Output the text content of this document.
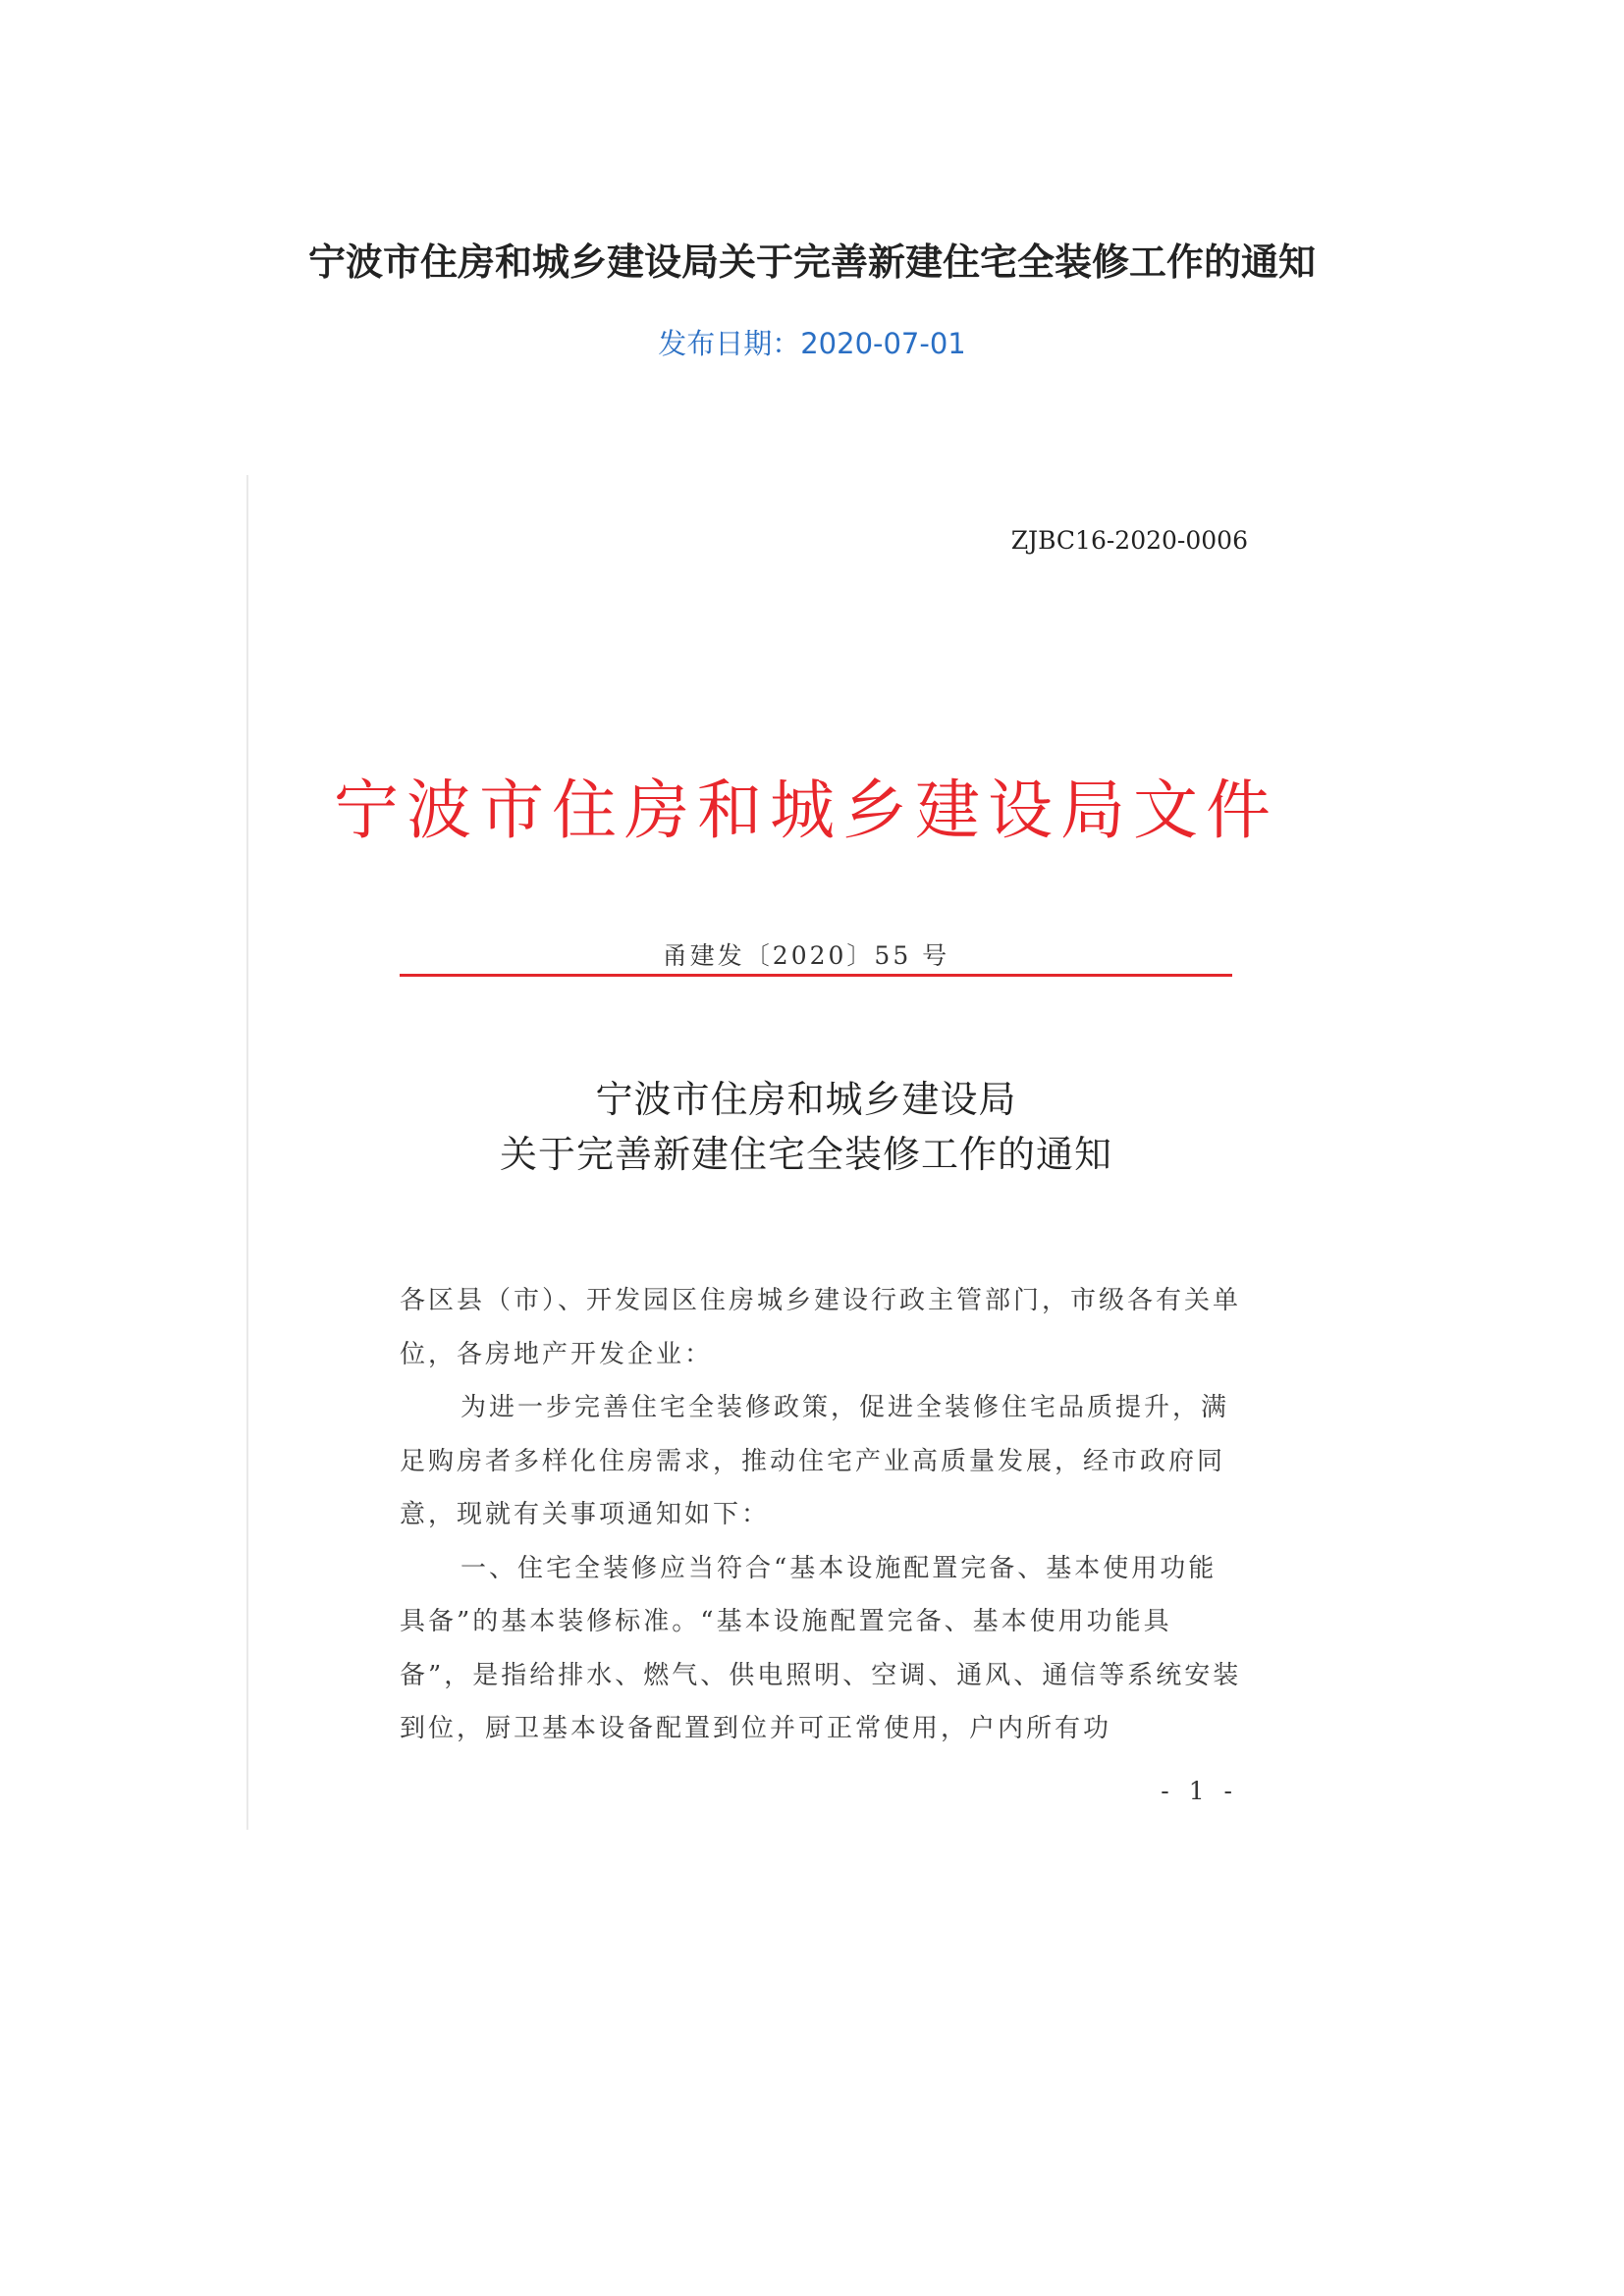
宁波市住房和城乡建设局关于完善新建住宅全装修工作的通知
发布日期：2020-07-01
ZJBC16-2020-0006
宁波市住房和城乡建设局文件
甬建发〔2020〕55 号
宁波市住房和城乡建设局
关于完善新建住宅全装修工作的通知

各区县（市）、开发园区住房城乡建设行政主管部门，市级各有关单位，各房地产开发企业：

为进一步完善住宅全装修政策，促进全装修住宅品质提升，满足购房者多样化住房需求，推动住宅产业高质量发展，经市政府同意，现就有关事项通知如下：

一、住宅全装修应当符合“基本设施配置完备、基本使用功能具备”的基本装修标准。“基本设施配置完备、基本使用功能具备”，是指给排水、燃气、供电照明、空调、通风、通信等系统安装到位，厨卫基本设备配置到位并可正常使用，户内所有功

- 1 -
